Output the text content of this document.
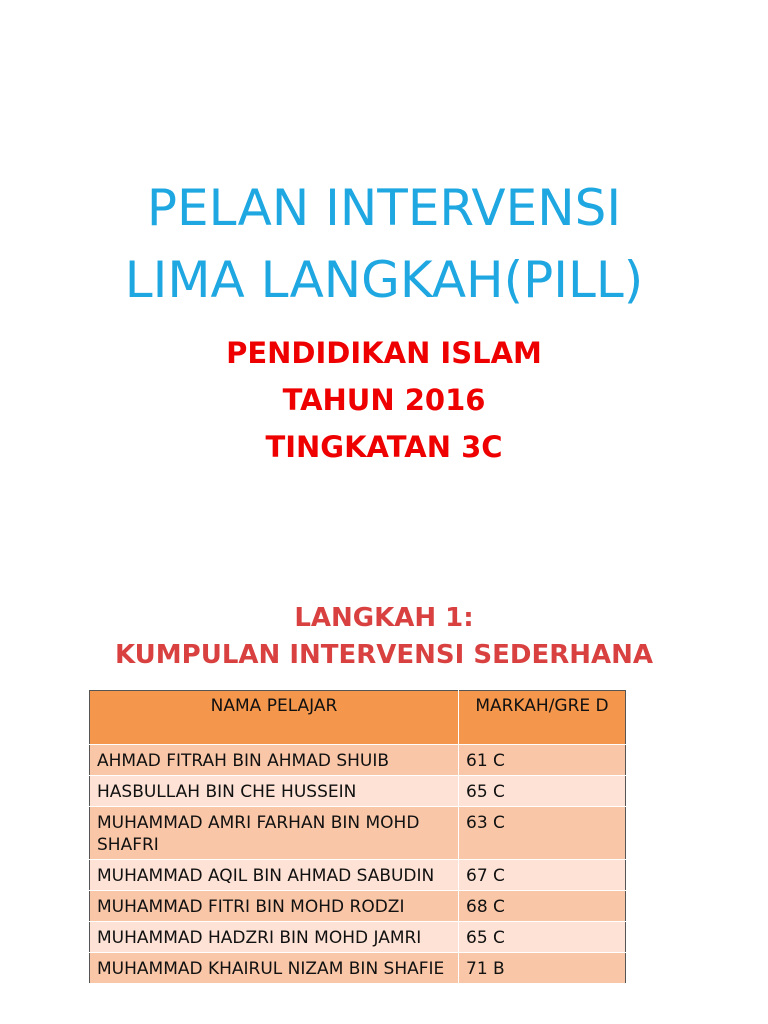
PELAN INTERVENSI
LIMA LANGKAH(PILL)
PENDIDIKAN ISLAM
TAHUN 2016
TINGKATAN 3C
LANGKAH 1:
KUMPULAN INTERVENSI SEDERHANA
NAMA PELAJAR	MARKAH/GRE D
AHMAD FITRAH BIN AHMAD SHUIB	61 C
HASBULLAH BIN CHE HUSSEIN	65 C
MUHAMMAD AMRI FARHAN BIN MOHD SHAFRI	63 C
MUHAMMAD AQIL BIN AHMAD SABUDIN	67 C
MUHAMMAD FITRI BIN MOHD RODZI	68 C
MUHAMMAD HADZRI BIN MOHD JAMRI	65 C
MUHAMMAD KHAIRUL NIZAM BIN SHAFIE	71 B
